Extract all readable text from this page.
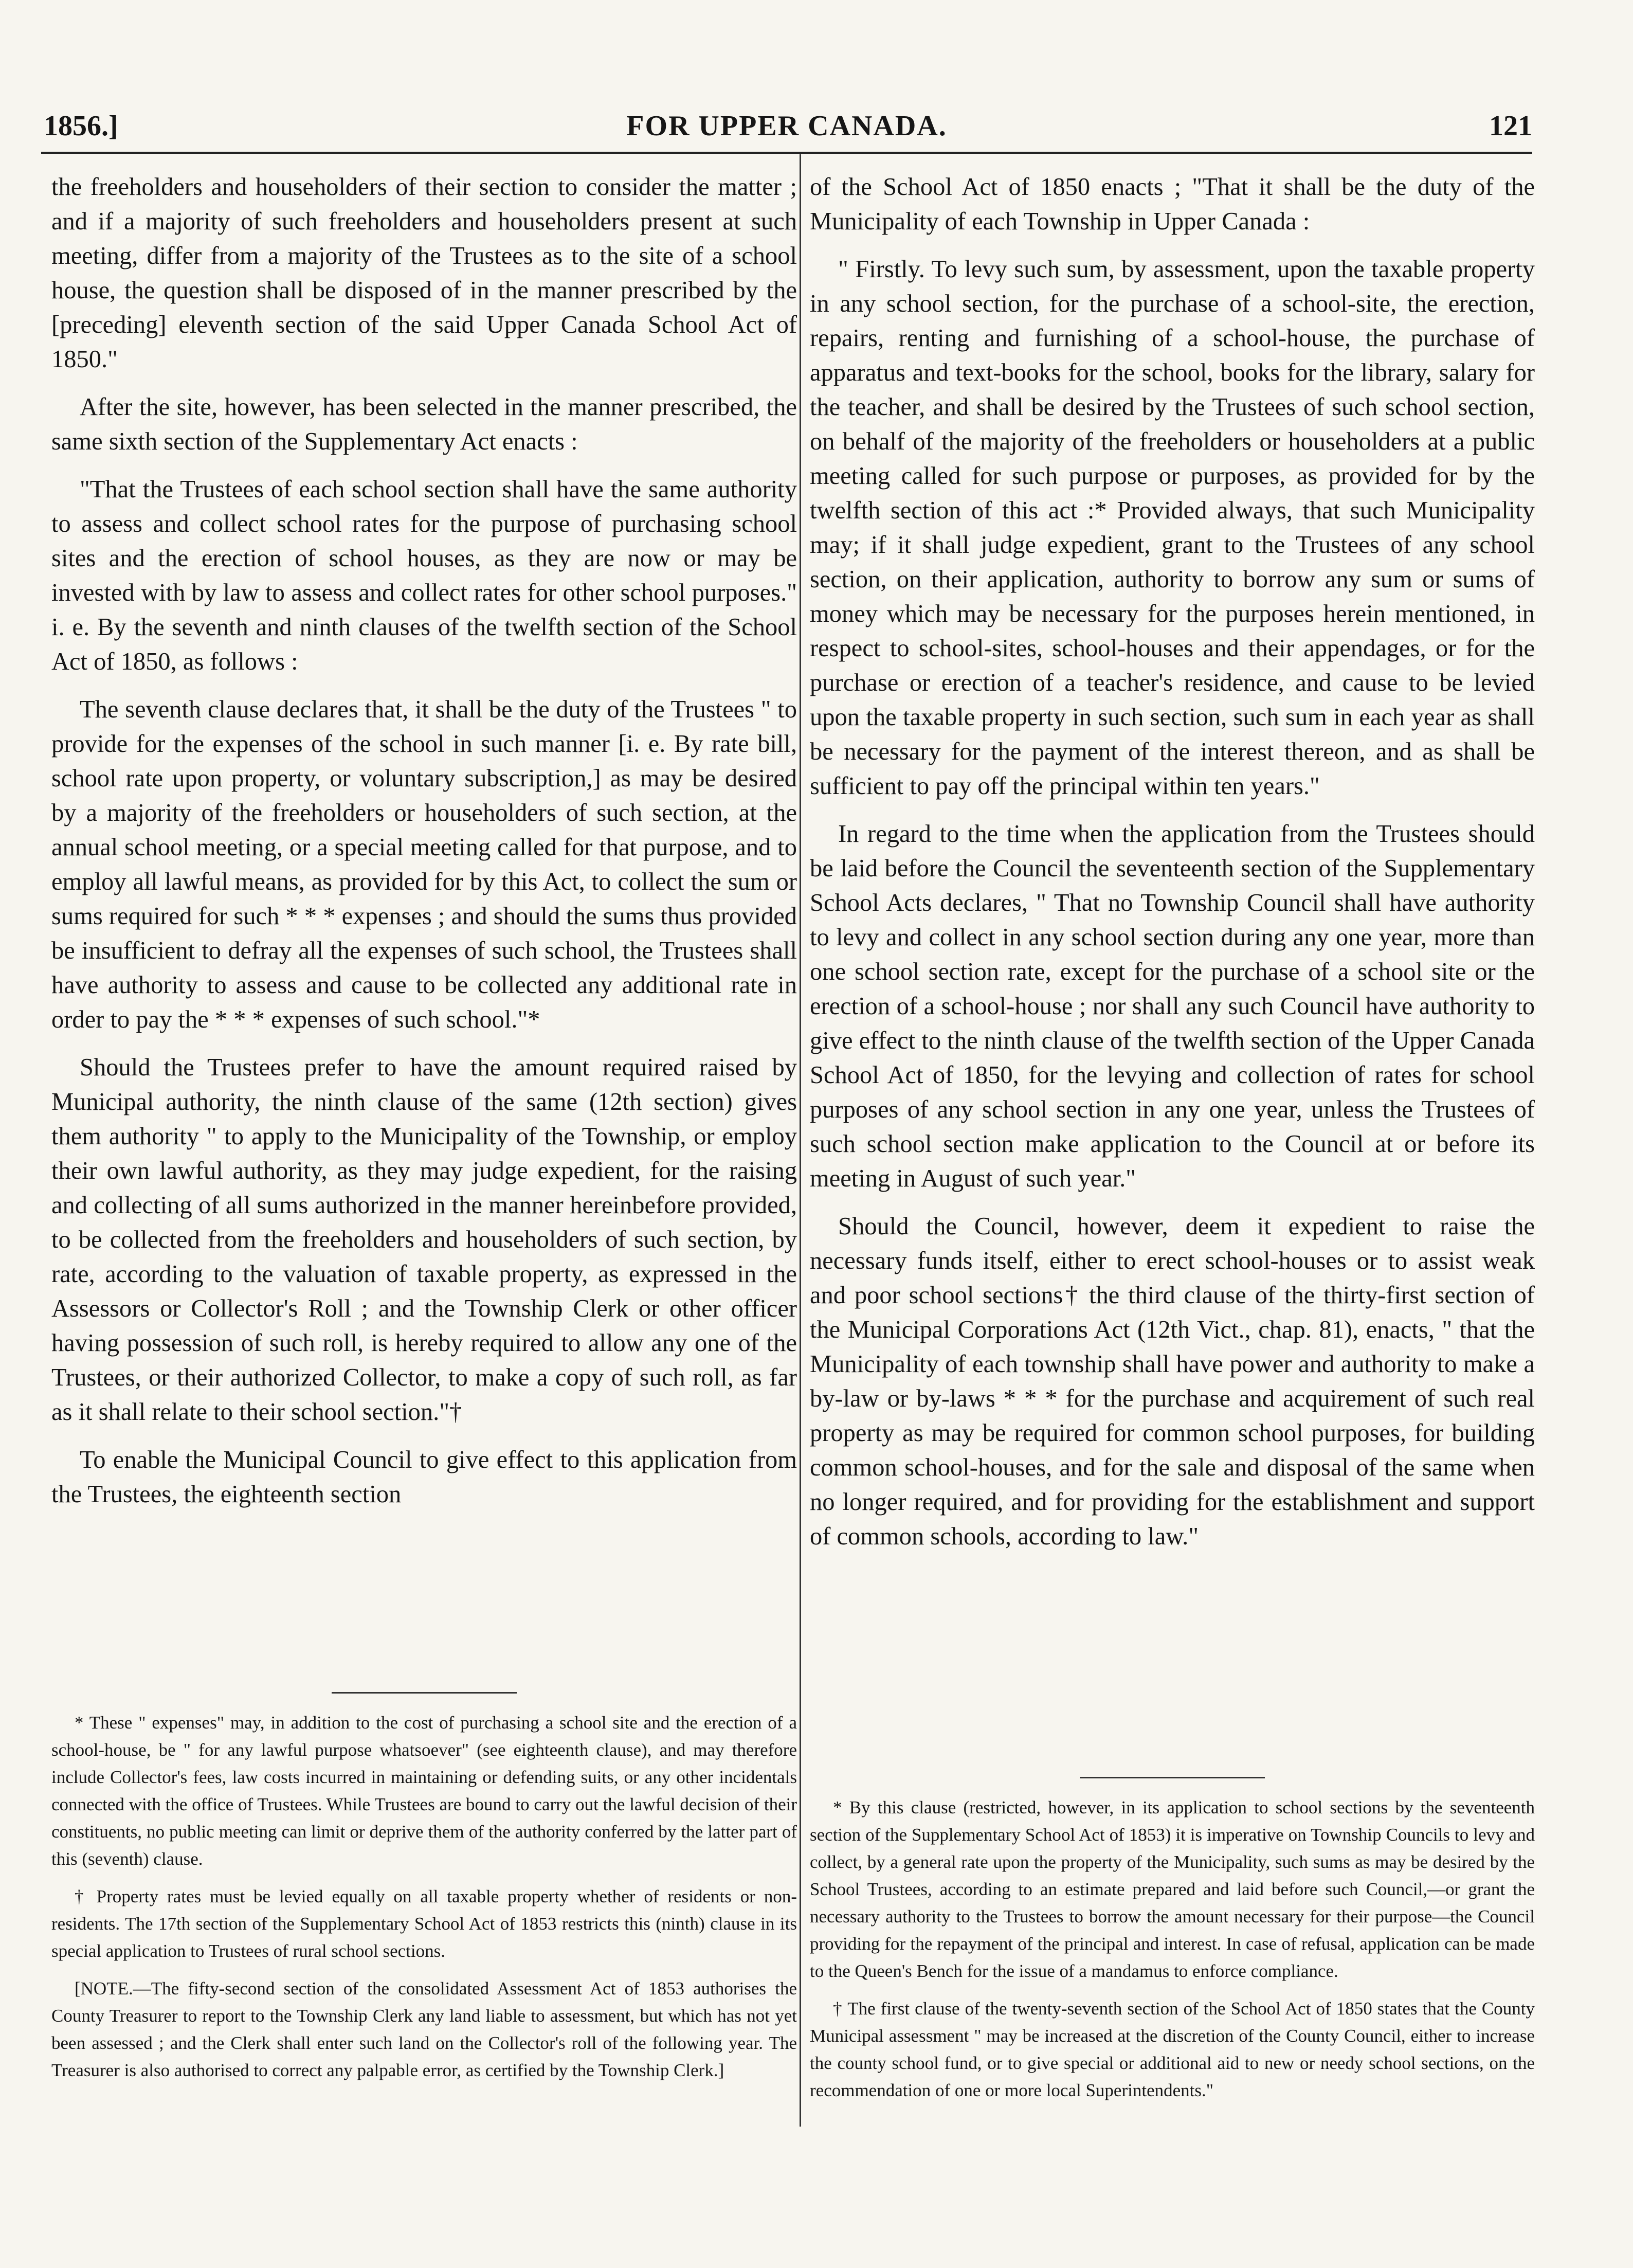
1856.]	FOR UPPER CANADA.	121

the freeholders and householders of their section to consider the matter ; and if a majority of such freeholders and householders present at such meeting, differ from a majority of the Trustees as to the site of a school house, the question shall be disposed of in the manner prescribed by the [preceding] eleventh section of the said Upper Canada School Act of 1850."

After the site, however, has been selected in the manner prescribed, the same sixth section of the Supplementary Act enacts :

"That the Trustees of each school section shall have the same authority to assess and collect school rates for the purpose of purchasing school sites and the erection of school houses, as they are now or may be invested with by law to assess and collect rates for other school purposes." i. e. By the seventh and ninth clauses of the twelfth section of the School Act of 1850, as follows :

The seventh clause declares that, it shall be the duty of the Trustees " to provide for the expenses of the school in such manner [i. e. By rate bill, school rate upon property, or voluntary subscription,] as may be desired by a majority of the freeholders or householders of such section, at the annual school meeting, or a special meeting called for that purpose, and to employ all lawful means, as provided for by this Act, to collect the sum or sums required for such * * * expenses ; and should the sums thus provided be insufficient to defray all the expenses of such school, the Trustees shall have authority to assess and cause to be collected any additional rate in order to pay the * * * expenses of such school."*

Should the Trustees prefer to have the amount required raised by Municipal authority, the ninth clause of the same (12th section) gives them authority " to apply to the Municipality of the Township, or employ their own lawful authority, as they may judge expedient, for the raising and collecting of all sums authorized in the manner hereinbefore provided, to be collected from the freeholders and householders of such section, by rate, according to the valuation of taxable property, as expressed in the Assessors or Collector's Roll ; and the Township Clerk or other officer having possession of such roll, is hereby required to allow any one of the Trustees, or their authorized Collector, to make a copy of such roll, as far as it shall relate to their school section."†

To enable the Municipal Council to give effect to this application from the Trustees, the eighteenth section

of the School Act of 1850 enacts ; "That it shall be the duty of the Municipality of each Township in Upper Canada :

" Firstly. To levy such sum, by assessment, upon the taxable property in any school section, for the purchase of a school-site, the erection, repairs, renting and furnishing of a school-house, the purchase of apparatus and text-books for the school, books for the library, salary for the teacher, and shall be desired by the Trustees of such school section, on behalf of the majority of the freeholders or householders at a public meeting called for such purpose or purposes, as provided for by the twelfth section of this act :* Provided always, that such Municipality may; if it shall judge expedient, grant to the Trustees of any school section, on their application, authority to borrow any sum or sums of money which may be necessary for the purposes herein mentioned, in respect to school-sites, school-houses and their appendages, or for the purchase or erection of a teacher's residence, and cause to be levied upon the taxable property in such section, such sum in each year as shall be necessary for the payment of the interest thereon, and as shall be sufficient to pay off the principal within ten years."

In regard to the time when the application from the Trustees should be laid before the Council the seventeenth section of the Supplementary School Acts declares, " That no Township Council shall have authority to levy and collect in any school section during any one year, more than one school section rate, except for the purchase of a school site or the erection of a school-house ; nor shall any such Council have authority to give effect to the ninth clause of the twelfth section of the Upper Canada School Act of 1850, for the levying and collection of rates for school purposes of any school section in any one year, unless the Trustees of such school section make application to the Council at or before its meeting in August of such year."

Should the Council, however, deem it expedient to raise the necessary funds itself, either to erect school-houses or to assist weak and poor school sections† the third clause of the thirty-first section of the Municipal Corporations Act (12th Vict., chap. 81), enacts, " that the Municipality of each township shall have power and authority to make a by-law or by-laws * * * for the purchase and acquirement of such real property as may be required for common school purposes, for building common school-houses, and for the sale and disposal of the same when no longer required, and for providing for the establishment and support of common schools, according to law."

* These " expenses" may, in addition to the cost of purchasing a school site and the erection of a school-house, be " for any lawful purpose whatsoever" (see eighteenth clause), and may therefore include Collector's fees, law costs incurred in maintaining or defending suits, or any other incidentals connected with the office of Trustees. While Trustees are bound to carry out the lawful decision of their constituents, no public meeting can limit or deprive them of the authority conferred by the latter part of this (seventh) clause.

† Property rates must be levied equally on all taxable property whether of residents or non-residents. The 17th section of the Supplementary School Act of 1853 restricts this (ninth) clause in its special application to Trustees of rural school sections.

[NOTE.—The fifty-second section of the consolidated Assessment Act of 1853 authorises the County Treasurer to report to the Township Clerk any land liable to assessment, but which has not yet been assessed ; and the Clerk shall enter such land on the Collector's roll of the following year. The Treasurer is also authorised to correct any palpable error, as certified by the Township Clerk.]

* By this clause (restricted, however, in its application to school sections by the seventeenth section of the Supplementary School Act of 1853) it is imperative on Township Councils to levy and collect, by a general rate upon the property of the Municipality, such sums as may be desired by the School Trustees, according to an estimate prepared and laid before such Council,—or grant the necessary authority to the Trustees to borrow the amount necessary for their purpose—the Council providing for the repayment of the principal and interest. In case of refusal, application can be made to the Queen's Bench for the issue of a mandamus to enforce compliance.

† The first clause of the twenty-seventh section of the School Act of 1850 states that the County Municipal assessment " may be increased at the discretion of the County Council, either to increase the county school fund, or to give special or additional aid to new or needy school sections, on the recommendation of one or more local Superintendents."
